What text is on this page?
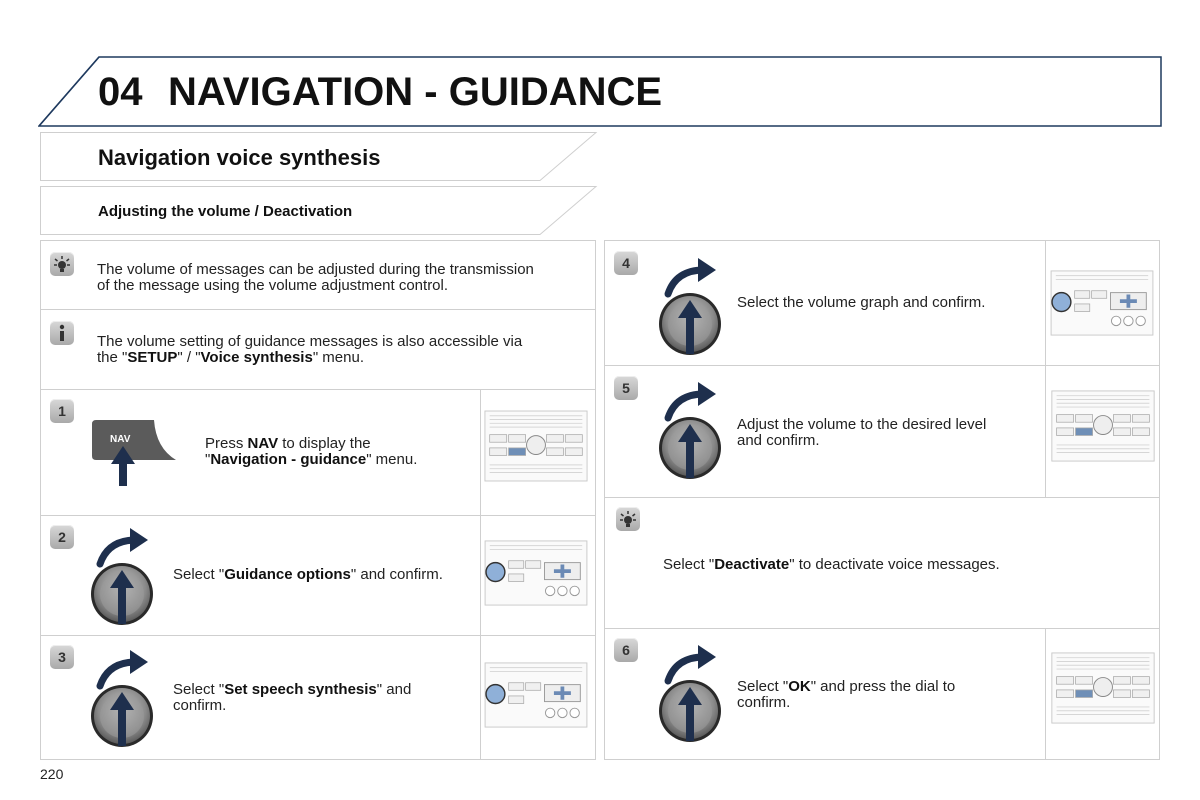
04 NAVIGATION - GUIDANCE
Navigation voice synthesis
Adjusting the volume / Deactivation
The volume of messages can be adjusted during the transmission
of the message using the volume adjustment control.
The volume setting of guidance messages is also accessible via
the "SETUP" / "Voice synthesis" menu.
1
NAV	Press NAV to display the
"Navigation - guidance" menu.
2
Select "Guidance options" and confirm.
3
Select "Set speech synthesis" and
confirm.
4
Select the volume graph and confirm.
5
Adjust the volume to the desired level
and confirm.
Select "Deactivate" to deactivate voice messages.
6
Select "OK" and press the dial to
confirm.
220
